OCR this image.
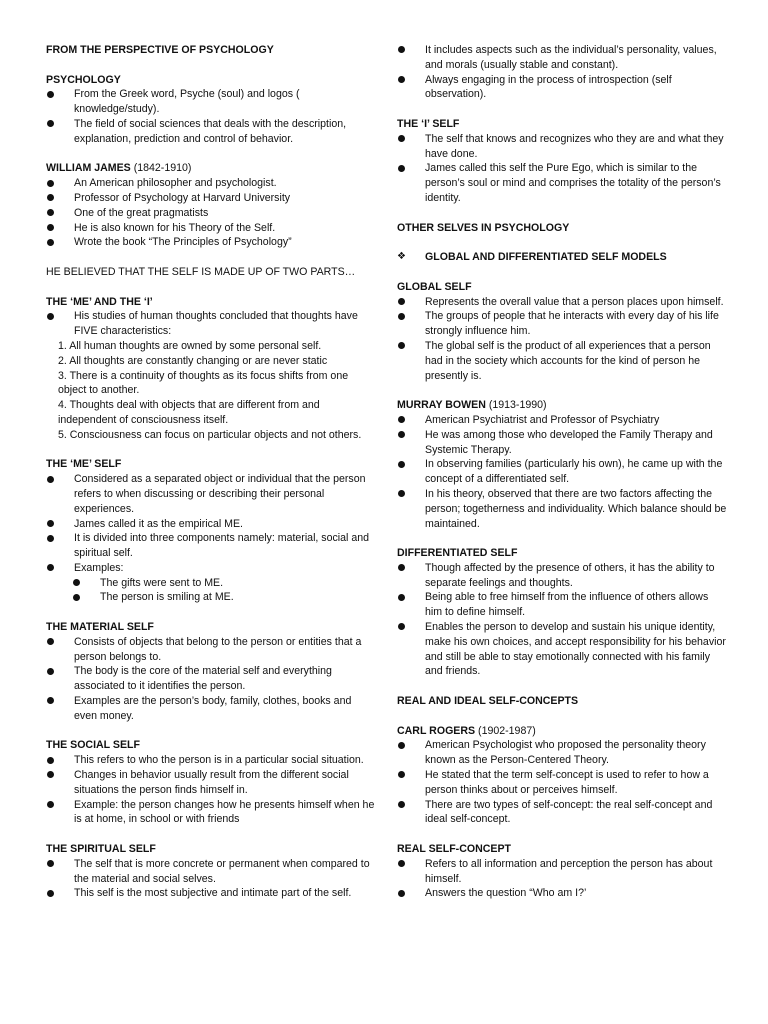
FROM THE PERSPECTIVE OF PSYCHOLOGY
PSYCHOLOGY
From the Greek word, Psyche (soul) and logos ( knowledge/study).
The field of social sciences that deals with the description, explanation, prediction and control of behavior.
WILLIAM JAMES (1842-1910)
An American philosopher and psychologist.
Professor of Psychology at Harvard University
One of the great pragmatists
He is also known for his Theory of the Self.
Wrote the book “The Principles of Psychology”
HE BELIEVED THAT THE SELF IS MADE UP OF TWO PARTS…
THE ‘ME’ AND THE ‘I’
His studies of human thoughts concluded that thoughts have FIVE characteristics:
1. All human thoughts are owned by some personal self.
2. All thoughts are constantly changing or are never static
3. There is a continuity of thoughts as its focus shifts from one object to another.
4. Thoughts deal with objects that are different from and independent of consciousness itself.
5. Consciousness can focus on particular objects and not others.
THE ‘ME’ SELF
Considered as a separated object or individual that the person refers to when discussing or describing their personal experiences.
James called it as the empirical ME.
It is divided into three components namely: material, social and spiritual self.
Examples:
The gifts were sent to ME.
The person is smiling at ME.
THE MATERIAL SELF
Consists of objects that belong to the person or entities that a person belongs to.
The body is the core of the material self and everything associated to it identifies the person.
Examples are the person’s body, family, clothes, books and even money.
THE SOCIAL SELF
This refers to who the person is in a particular social situation.
Changes in behavior usually result from the different social situations the person finds himself in.
Example: the person changes how he presents himself when he is at home, in school or with friends
THE SPIRITUAL SELF
The self that is more concrete or permanent when compared to the material and social selves.
This self is the most subjective and intimate part of the self.
It includes aspects such as the individual’s personality, values, and morals (usually stable and constant).
Always engaging in the process of introspection (self observation).
THE ‘I’ SELF
The self that knows and recognizes who they are and what they have done.
James called this self the Pure Ego, which is similar to the person’s soul or mind and comprises the totality of the person’s identity.
OTHER SELVES IN PSYCHOLOGY
❖ GLOBAL AND DIFFERENTIATED SELF MODELS
GLOBAL SELF
Represents the overall value that a person places upon himself.
The groups of people that he interacts with every day of his life strongly influence him.
The global self is the product of all experiences that a person had in the society which accounts for the kind of person he presently is.
MURRAY BOWEN (1913-1990)
American Psychiatrist and Professor of Psychiatry
He was among those who developed the Family Therapy and Systemic Therapy.
In observing families (particularly his own), he came up with the concept of a differentiated self.
In his theory, observed that there are two factors affecting the person; togetherness and individuality. Which balance should be maintained.
DIFFERENTIATED SELF
Though affected by the presence of others, it has the ability to separate feelings and thoughts.
Being able to free himself from the influence of others allows him to define himself.
Enables the person to develop and sustain his unique identity, make his own choices, and accept responsibility for his behavior and still be able to stay emotionally connected with his family and friends.
REAL AND IDEAL SELF-CONCEPTS
CARL ROGERS (1902-1987)
American Psychologist who proposed the personality theory known as the Person-Centered Theory.
He stated that the term self-concept is used to refer to how a person thinks about or perceives himself.
There are two types of self-concept: the real self-concept and ideal self-concept.
REAL SELF-CONCEPT
Refers to all information and perception the person has about himself.
Answers the question “Who am I?’
